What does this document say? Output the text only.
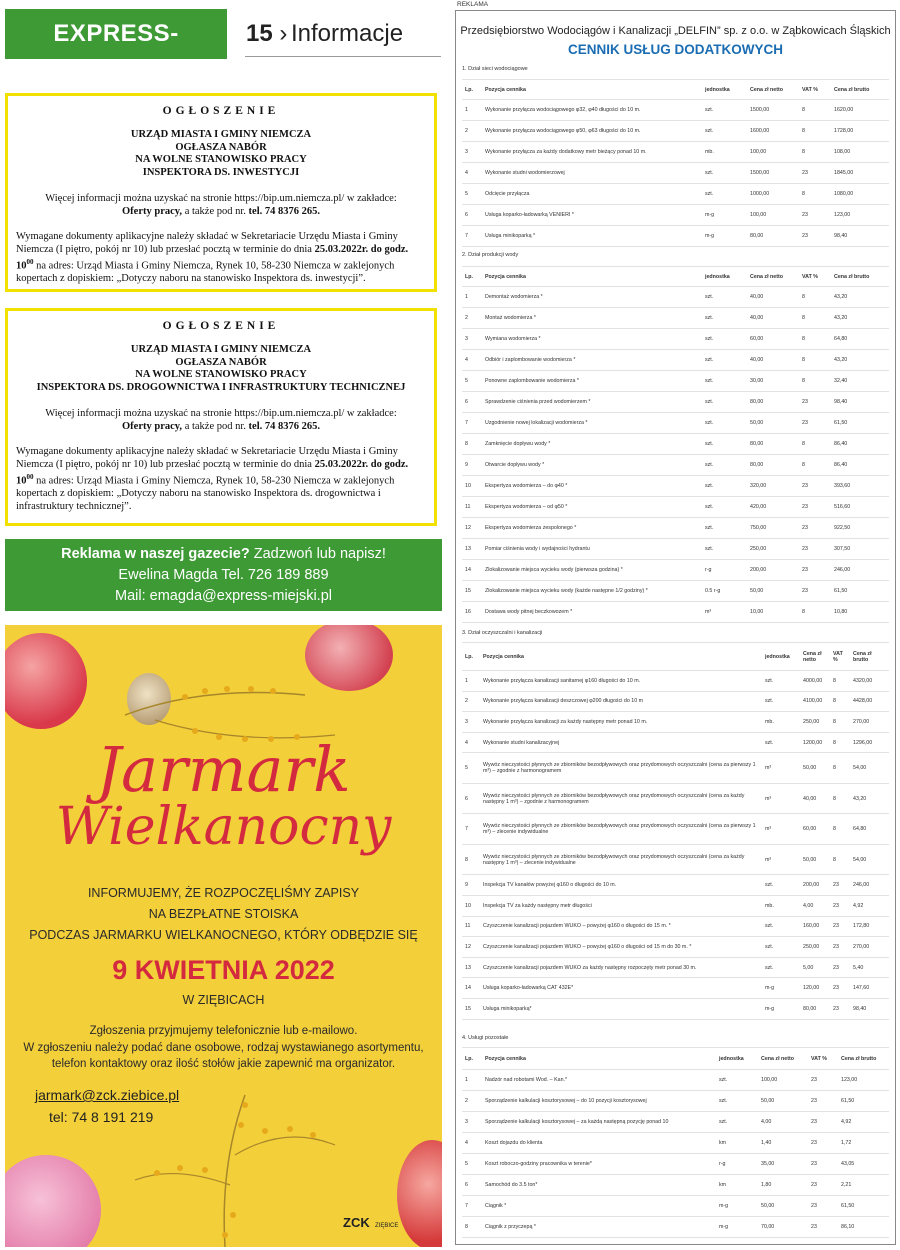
EXPRESS-MIEJSKI.PL
15 › Informacje
OGŁOSZENIE
URZĄD MIASTA I GMINY NIEMCZA
OGŁASZA NABÓR
NA WOLNE STANOWISKO PRACY
INSPEKTORA DS. INWESTYCJI
Więcej informacji można uzyskać na stronie https://bip.um.niemcza.pl/ w zakładce:
Oferty pracy, a także pod nr. tel. 74 8376 265.
Wymagane dokumenty aplikacyjne należy składać w Sekretariacie Urzędu Miasta i Gminy Niemcza (I piętro, pokój nr 10) lub przesłać pocztą w terminie do dnia 25.03.2022r. do godz. $10^{00}$ na adres: Urząd Miasta i Gminy Niemcza, Rynek 10, 58-230 Niemcza w zaklejonych kopertach z dopiskiem: „Dotyczy naboru na stanowisko Inspektora ds. inwestycji”.
OGŁOSZENIE
URZĄD MIASTA I GMINY NIEMCZA
OGŁASZA NABÓR
NA WOLNE STANOWISKO PRACY
INSPEKTORA DS. DROGOWNICTWA I INFRASTRUKTURY TECHNICZNEJ
Więcej informacji można uzyskać na stronie https://bip.um.niemcza.pl/ w zakładce:
Oferty pracy, a także pod nr. tel. 74 8376 265.
Wymagane dokumenty aplikacyjne należy składać w Sekretariacie Urzędu Miasta i Gminy Niemcza (I piętro, pokój nr 10) lub przesłać pocztą w terminie do dnia 25.03.2022r. do godz. $10^{00}$ na adres: Urząd Miasta i Gminy Niemcza, Rynek 10, 58-230 Niemcza w zaklejonych kopertach z dopiskiem: „Dotyczy naboru na stanowisko Inspektora ds. drogownictwa i infrastruktury technicznej”.
Reklama w naszej gazecie? Zadzwoń lub napisz!
Ewelina Magda Tel. 726 189 889
Mail: emagda@express-miejski.pl
Jarmark
Wielkanocny
INFORMUJEMY, ŻE ROZPOCZĘLIŚMY ZAPISY
NA BEZPŁATNE STOISKA
PODCZAS JARMARKU WIELKANOCNEGO, KTÓRY ODBĘDZIE SIĘ
9 KWIETNIA 2022
W ZIĘBICACH
Zgłoszenia przyjmujemy telefonicznie lub e-mailowo.
W zgłoszeniu należy podać dane osobowe, rodzaj wystawianego asortymentu,
telefon kontaktowy oraz ilość stołów jakie zapewnić ma organizator.
jarmark@zck.ziebice.pl
tel: 74 8 191 219
ZCK ZIĘBICE
REKLAMA
Przedsiębiorstwo Wodociągów i Kanalizacji „DELFIN” sp. z o.o. w Ząbkowicach Śląskich
CENNIK USŁUG DODATKOWYCH
1. Dział sieci wodociągowe
Lp.	Pozycja cennika	jednostka	Cena zł netto	VAT %	Cena zł brutto
1	Wykonanie przyłącza wodociągowego φ32, φ40 długości do 10 m.	szt.	1500,00	8	1620,00
2	Wykonanie przyłącza wodociągowego φ50, φ63 długości do 10 m.	szt.	1600,00	8	1728,00
3	Wykonanie przyłącza za każdy dodatkowy metr bieżący ponad 10 m.	mb.	100,00	8	108,00
4	Wykonanie studni wodomierzowej	szt.	1500,00	23	1845,00
5	Odcięcie przyłącza	szt.	1000,00	8	1080,00
6	Usługa koparko-ładowarką VENIERI *	m-g	100,00	23	123,00
7	Usługa minikoparką *	m-g	80,00	23	98,40
2. Dział produkcji wody
Lp.	Pozycja cennika	jednostka	Cena zł netto	VAT %	Cena zł brutto
1	Demontaż wodomierza *	szt.	40,00	8	43,20
2	Montaż wodomierza *	szt.	40,00	8	43,20
3	Wymiana wodomierza *	szt.	60,00	8	64,80
4	Odbiór i zaplombowanie wodomierza *	szt.	40,00	8	43,20
5	Ponowne zaplombowanie wodomierza *	szt.	30,00	8	32,40
6	Sprawdzenie ciśnienia przed wodomierzem *	szt.	80,00	23	98,40
7	Uzgodnienie nowej lokalizacji wodomierza *	szt.	50,00	23	61,50
8	Zamknięcie dopływu wody *	szt.	80,00	8	86,40
9	Otwarcie dopływu wody *	szt.	80,00	8	86,40
10	Ekspertyza wodomierza – do φ40 *	szt.	320,00	23	393,60
11	Ekspertyza wodomierza – od φ50 *	szt.	420,00	23	516,60
12	Ekspertyza wodomierza zespolonego *	szt.	750,00	23	922,50
13	Pomiar ciśnienia wody i wydajności hydrantu	szt.	250,00	23	307,50
14	Zlokalizowanie miejsca wycieku wody (pierwsza godzina) *	r-g	200,00	23	246,00
15	Zlokalizowanie miejsca wycieku wody (każde następne 1/2 godziny) *	0.5 r-g	50,00	23	61,50
16	Dostawa wody pitnej beczkowozem *	m³	10,00	8	10,80
3. Dział oczyszczalni i kanalizacji
Lp.	Pozycja cennika	jednostka	Cena zł netto	VAT %	Cena zł brutto
1	Wykonanie przyłącza kanalizacji sanitarnej φ160 długości do 10 m.	szt.	4000,00	8	4320,00
2	Wykonanie przyłącza kanalizacji deszczowej φ200 długości do 10 m	szt.	4100,00	8	4428,00
3	Wykonanie przyłącza kanalizacji za każdy następny metr ponad 10 m.	mb.	250,00	8	270,00
4	Wykonanie studni kanalizacyjnej	szt.	1200,00	8	1296,00
5	Wywóz nieczystości płynnych ze zbiorników bezodpływowych oraz przydomowych oczyszczalni (cena za pierwszy 1 m³) – zgodnie z harmonogramem	m³	50,00	8	54,00
6	Wywóz nieczystości płynnych ze zbiorników bezodpływowych oraz przydomowych oczyszczalni (cena za każdy następny 1 m³) – zgodnie z harmonogramem	m³	40,00	8	43,20
7	Wywóz nieczystości płynnych ze zbiorników bezodpływowych oraz przydomowych oczyszczalni (cena za pierwszy 1 m³) – zlecenie indywidualne	m³	60,00	8	64,80
8	Wywóz nieczystości płynnych ze zbiorników bezodpływowych oraz przydomowych oczyszczalni (cena za każdy następny 1 m³) – zlecenie indywidualne	m³	50,00	8	54,00
9	Inspekcja TV kanałów powyżej φ160 o długości do 10 m.	szt.	200,00	23	246,00
10	Inspekcja TV za każdy następny metr długości	mb.	4,00	23	4,92
11	Czyszczenie kanalizacji pojazdem WUKO – powyżej φ160 o długości do 15 m. *	szt.	160,00	23	172,80
12	Czyszczenie kanalizacji pojazdem WUKO – powyżej φ160 o długości od 15 m do 30 m. *	szt.	250,00	23	270,00
13	Czyszczenie kanalizacji pojazdem WUKO za każdy następny rozpoczęty metr ponad 30 m.	szt.	5,00	23	5,40
14	Usługa koparko-ładowarką CAT 432E*	m-g	120,00	23	147,60
15	Usługa minikoparką*	m-g	80,00	23	98,40
4. Usługi pozostałe
Lp.	Pozycja cennika	jednostka	Cena zł netto	VAT %	Cena zł brutto
1	Nadzór nad robotami Wod. – Kan.*	szt.	100,00	23	123,00
2	Sporządzenie kalkulacji kosztorysowej – do 10 pozycji kosztorysowej	szt.	50,00	23	61,50
3	Sporządzenie kalkulacji kosztorysowej – za każdą następną pozycję ponad 10	szt.	4,00	23	4,92
4	Koszt dojazdu do klienta	km	1,40	23	1,72
5	Koszt roboczo-godziny pracownika w terenie*	r-g	35,00	23	43,05
6	Samochód do 3.5 ton*	km	1,80	23	2,21
7	Ciągnik *	m-g	50,00	23	61,50
8	Ciągnik z przyczepą *	m-g	70,00	23	86,10
